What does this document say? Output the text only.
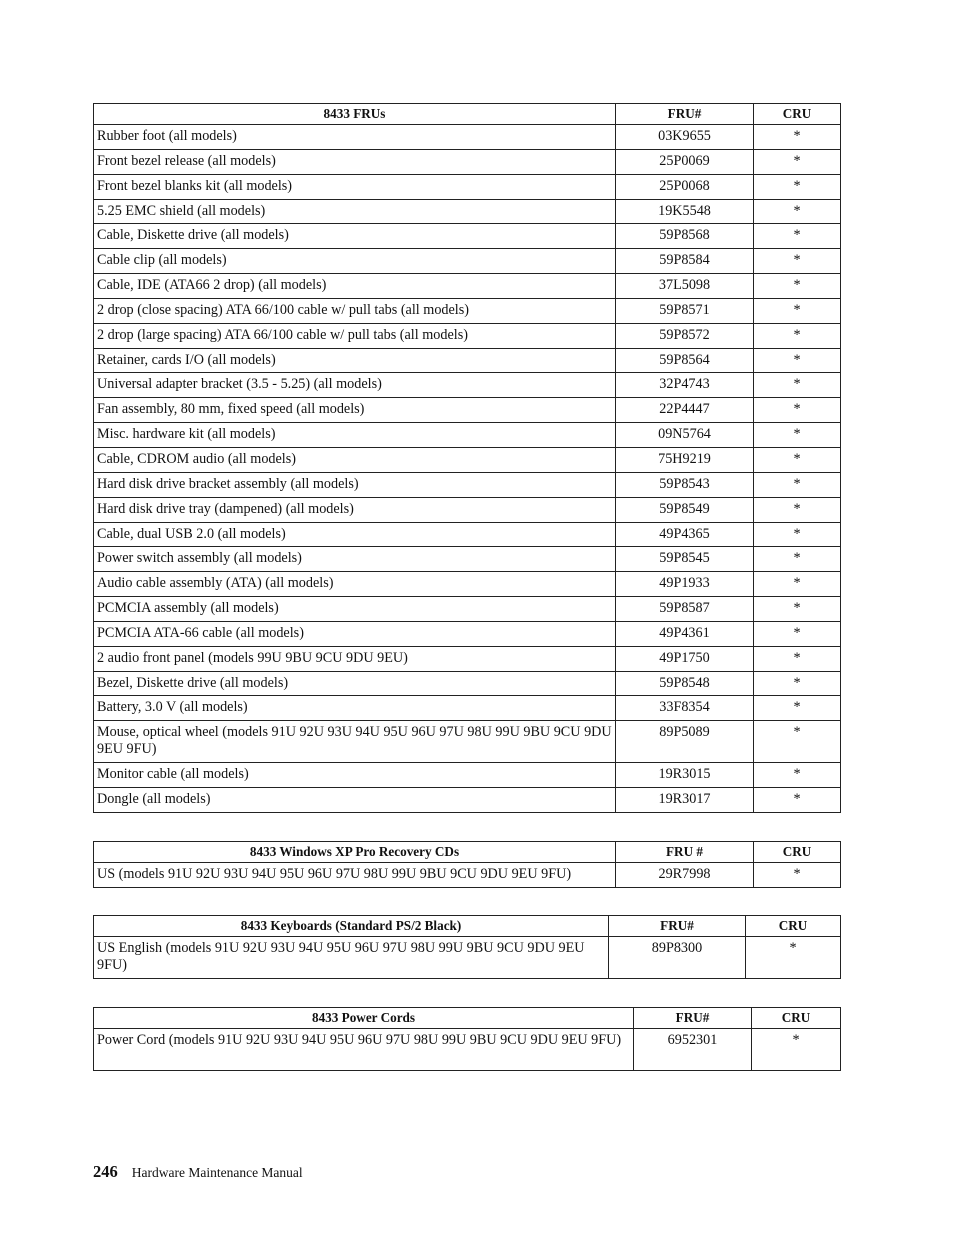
8433 FRUs	FRU#	CRU
Rubber foot (all models)	03K9655	*
Front bezel release (all models)	25P0069	*
Front bezel blanks kit (all models)	25P0068	*
5.25 EMC shield (all models)	19K5548	*
Cable, Diskette drive (all models)	59P8568	*
Cable clip (all models)	59P8584	*
Cable, IDE (ATA66 2 drop) (all models)	37L5098	*
2 drop (close spacing) ATA 66/100 cable w/ pull tabs (all models)	59P8571	*
2 drop (large spacing) ATA 66/100 cable w/ pull tabs (all models)	59P8572	*
Retainer, cards I/O (all models)	59P8564	*
Universal adapter bracket (3.5 - 5.25) (all models)	32P4743	*
Fan assembly, 80 mm, fixed speed (all models)	22P4447	*
Misc. hardware kit (all models)	09N5764	*
Cable, CDROM audio (all models)	75H9219	*
Hard disk drive bracket assembly (all models)	59P8543	*
Hard disk drive tray (dampened) (all models)	59P8549	*
Cable, dual USB 2.0 (all models)	49P4365	*
Power switch assembly (all models)	59P8545	*
Audio cable assembly (ATA) (all models)	49P1933	*
PCMCIA assembly (all models)	59P8587	*
PCMCIA ATA-66 cable (all models)	49P4361	*
2 audio front panel (models 99U 9BU 9CU 9DU 9EU)	49P1750	*
Bezel, Diskette drive (all models)	59P8548	*
Battery, 3.0 V (all models)	33F8354	*
Mouse, optical wheel (models 91U 92U 93U 94U 95U 96U 97U 98U 99U 9BU 9CU 9DU 9EU 9FU)	89P5089	*
Monitor cable (all models)	19R3015	*
Dongle (all models)	19R3017	*
8433 Windows XP Pro Recovery CDs	FRU #	CRU
US (models 91U 92U 93U 94U 95U 96U 97U 98U 99U 9BU 9CU 9DU 9EU 9FU)	29R7998	*
8433 Keyboards (Standard PS/2 Black)	FRU#	CRU
US English (models 91U 92U 93U 94U 95U 96U 97U 98U 99U 9BU 9CU 9DU 9EU 9FU)	89P8300	*
8433 Power Cords	FRU#	CRU
Power Cord (models 91U 92U 93U 94U 95U 96U 97U 98U 99U 9BU 9CU 9DU 9EU 9FU)	6952301	*
246 Hardware Maintenance Manual
